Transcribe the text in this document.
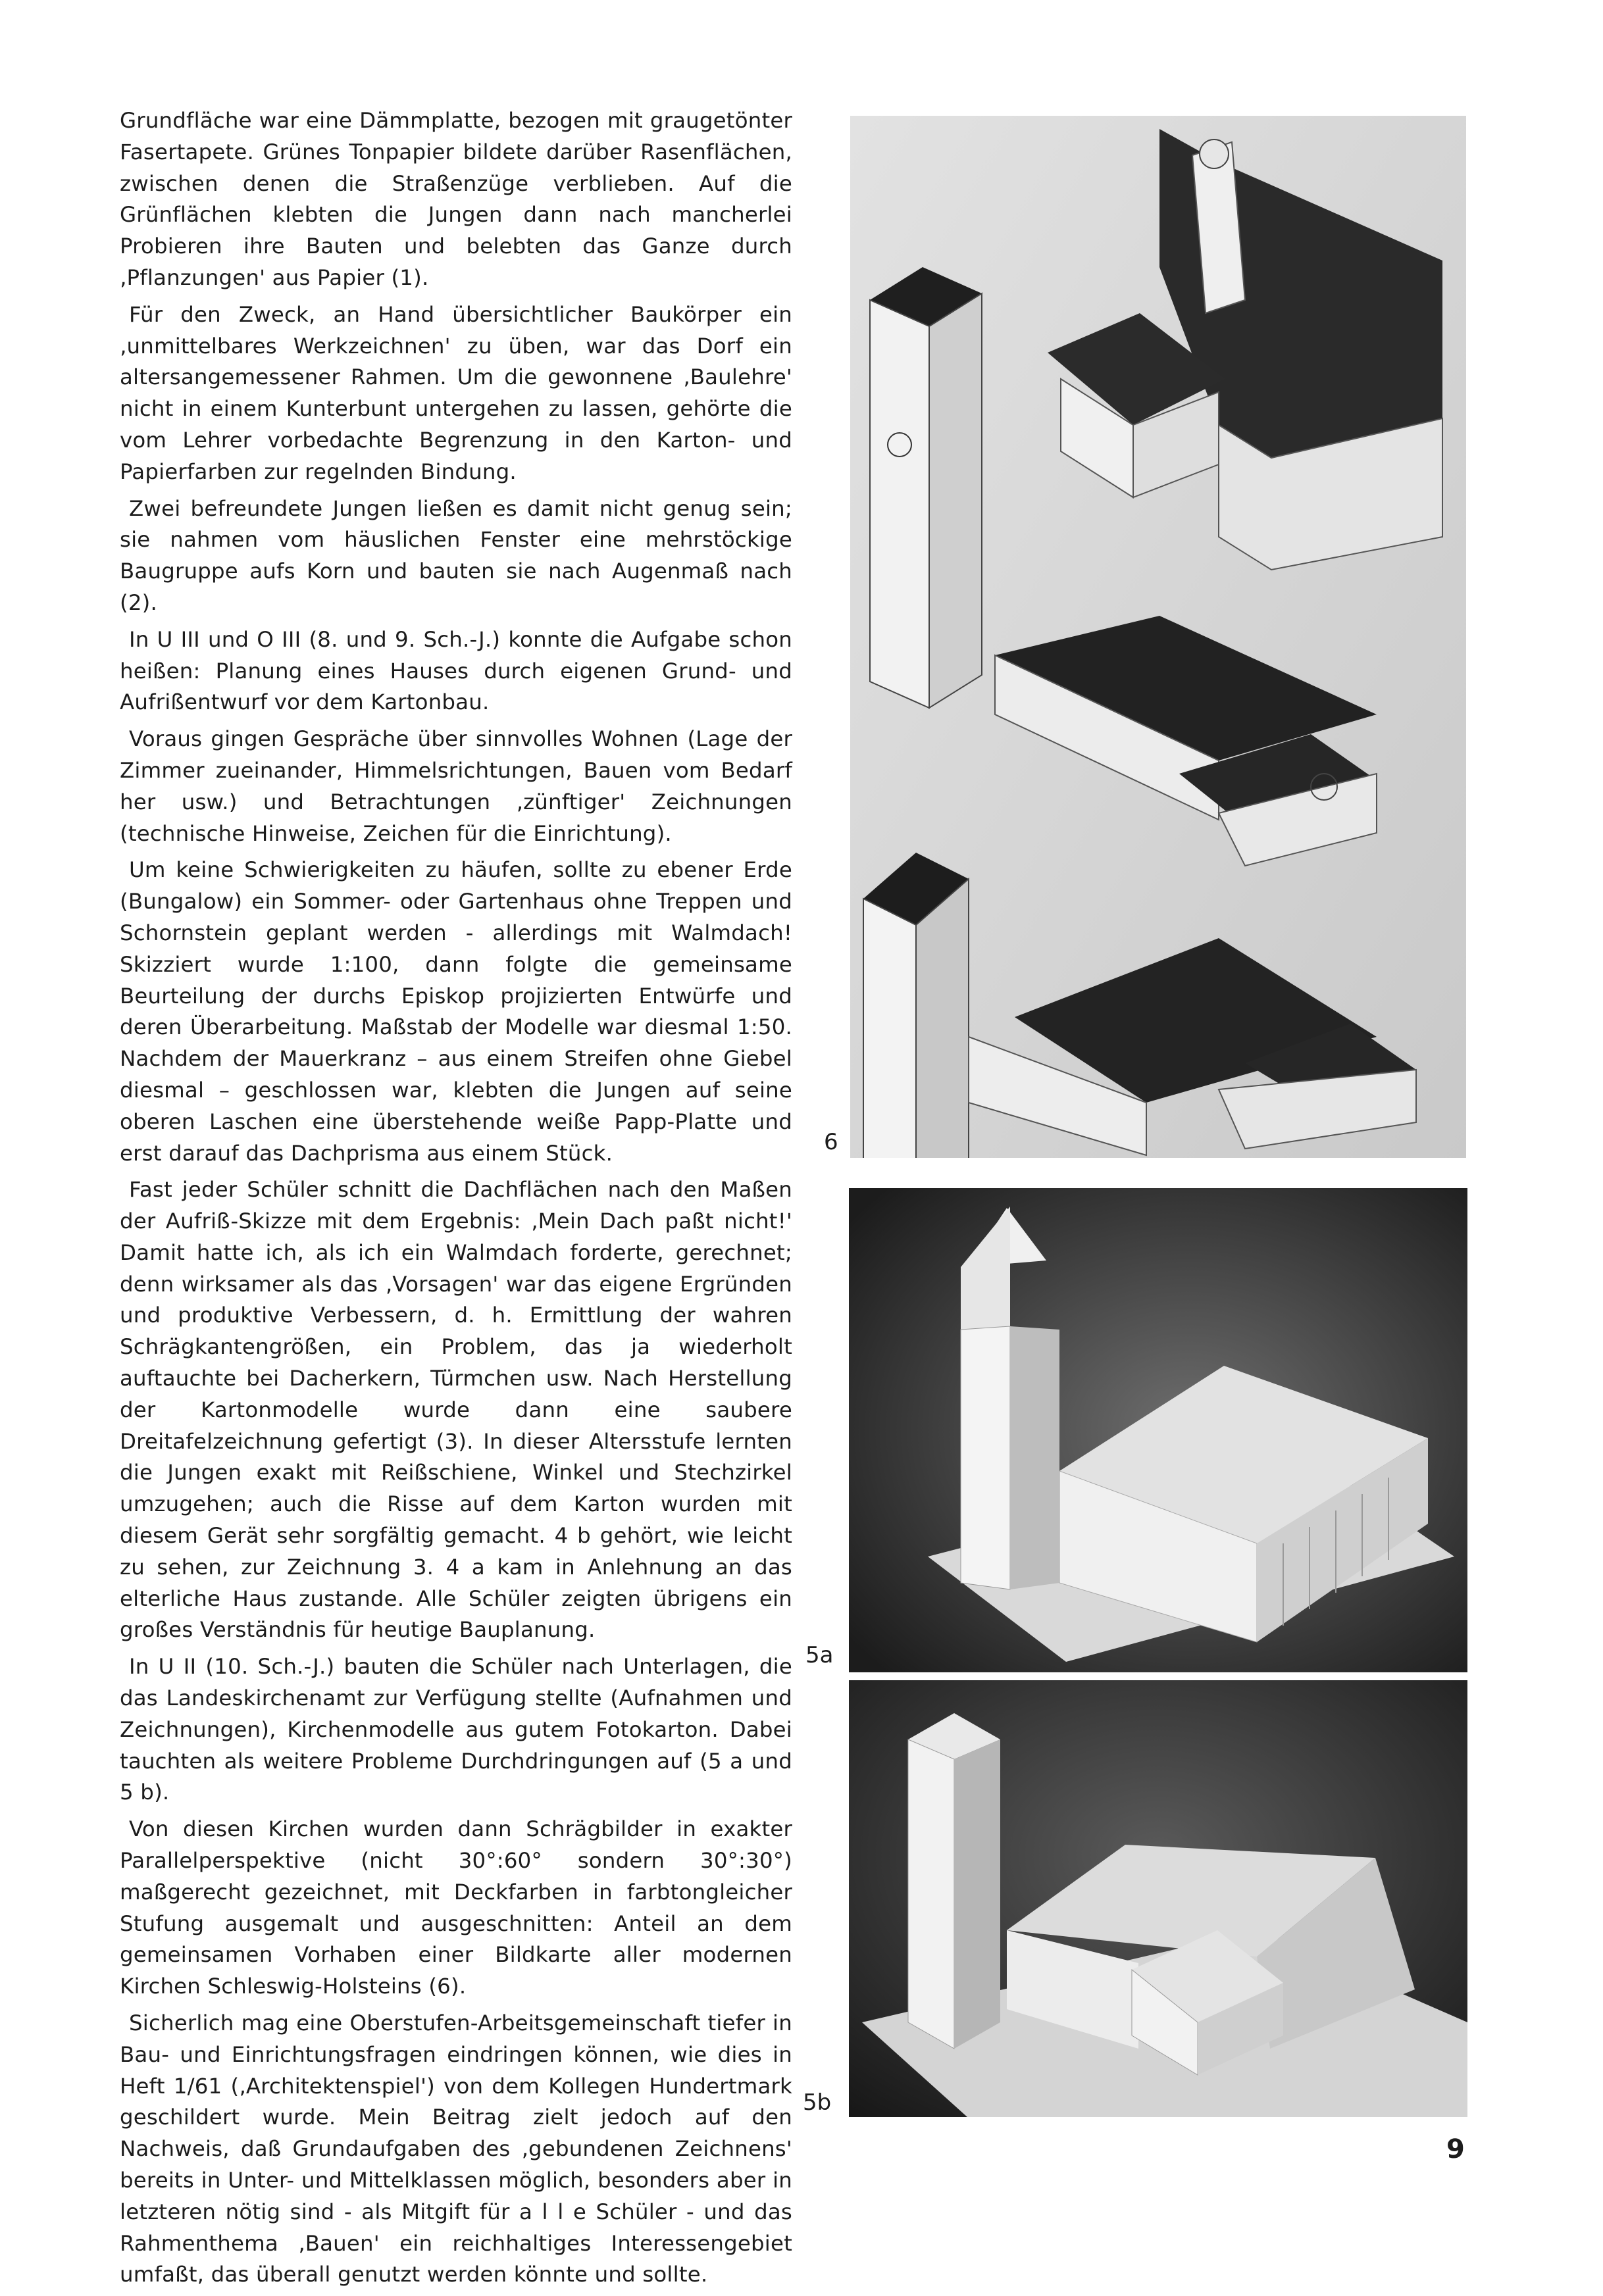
Grundfläche war eine Dämmplatte, bezogen mit graugetönter Fasertapete. Grünes Tonpapier bildete darüber Rasenflächen, zwischen denen die Straßenzüge verblieben. Auf die Grünflächen klebten die Jungen dann nach mancherlei Probieren ihre Bauten und belebten das Ganze durch ‚Pflanzungen' aus Papier (1).

Für den Zweck, an Hand übersichtlicher Baukörper ein ‚unmittelbares Werkzeichnen' zu üben, war das Dorf ein altersangemessener Rahmen. Um die gewonnene ‚Baulehre' nicht in einem Kunterbunt untergehen zu lassen, gehörte die vom Lehrer vorbedachte Begrenzung in den Karton- und Papierfarben zur regelnden Bindung.

Zwei befreundete Jungen ließen es damit nicht genug sein; sie nahmen vom häuslichen Fenster eine mehrstöckige Baugruppe aufs Korn und bauten sie nach Augenmaß nach (2).

In U III und O III (8. und 9. Sch.-J.) konnte die Aufgabe schon heißen: Planung eines Hauses durch eigenen Grund- und Aufrißentwurf vor dem Kartonbau.

Voraus gingen Gespräche über sinnvolles Wohnen (Lage der Zimmer zueinander, Himmelsrichtungen, Bauen vom Bedarf her usw.) und Betrachtungen ‚zünftiger' Zeichnungen (technische Hinweise, Zeichen für die Einrichtung).

Um keine Schwierigkeiten zu häufen, sollte zu ebener Erde (Bungalow) ein Sommer- oder Gartenhaus ohne Treppen und Schornstein geplant werden - allerdings mit Walmdach! Skizziert wurde 1:100, dann folgte die gemeinsame Beurteilung der durchs Episkop projizierten Entwürfe und deren Überarbeitung. Maßstab der Modelle war diesmal 1:50. Nachdem der Mauerkranz – aus einem Streifen ohne Giebel diesmal – geschlossen war, klebten die Jungen auf seine oberen Laschen eine überstehende weiße Papp-Platte und erst darauf das Dachprisma aus einem Stück.

Fast jeder Schüler schnitt die Dachflächen nach den Maßen der Aufriß-Skizze mit dem Ergebnis: ‚Mein Dach paßt nicht!' Damit hatte ich, als ich ein Walmdach forderte, gerechnet; denn wirksamer als das ‚Vorsagen' war das eigene Ergründen und produktive Verbessern, d. h. Ermittlung der wahren Schrägkantengrößen, ein Problem, das ja wiederholt auftauchte bei Dacherkern, Türmchen usw. Nach Herstellung der Kartonmodelle wurde dann eine saubere Dreitafelzeichnung gefertigt (3). In dieser Altersstufe lernten die Jungen exakt mit Reißschiene, Winkel und Stechzirkel umzugehen; auch die Risse auf dem Karton wurden mit diesem Gerät sehr sorgfältig gemacht. 4 b gehört, wie leicht zu sehen, zur Zeichnung 3. 4 a kam in Anlehnung an das elterliche Haus zustande. Alle Schüler zeigten übrigens ein großes Verständnis für heutige Bauplanung.

In U II (10. Sch.-J.) bauten die Schüler nach Unterlagen, die das Landeskirchenamt zur Verfügung stellte (Aufnahmen und Zeichnungen), Kirchenmodelle aus gutem Fotokarton. Dabei tauchten als weitere Probleme Durchdringungen auf (5 a und 5 b).

Von diesen Kirchen wurden dann Schrägbilder in exakter Parallelperspektive (nicht 30°:60° sondern 30°:30°) maßgerecht gezeichnet, mit Deckfarben in farbtongleicher Stufung ausgemalt und ausgeschnitten: Anteil an dem gemeinsamen Vorhaben einer Bildkarte aller modernen Kirchen Schleswig-Holsteins (6).

Sicherlich mag eine Oberstufen-Arbeitsgemeinschaft tiefer in Bau- und Einrichtungsfragen eindringen können, wie dies in Heft 1/61 (‚Architektenspiel') von dem Kollegen Hundertmark geschildert wurde. Mein Beitrag zielt jedoch auf den Nachweis, daß Grundaufgaben des ‚gebundenen Zeichnens' bereits in Unter- und Mittelklassen möglich, besonders aber in letzteren nötig sind - als Mitgift für a l l e Schüler - und das Rahmenthema ‚Bauen' ein reichhaltiges Interessengebiet umfaßt, das überall genutzt werden könnte und sollte.

6
5a
5b
9
